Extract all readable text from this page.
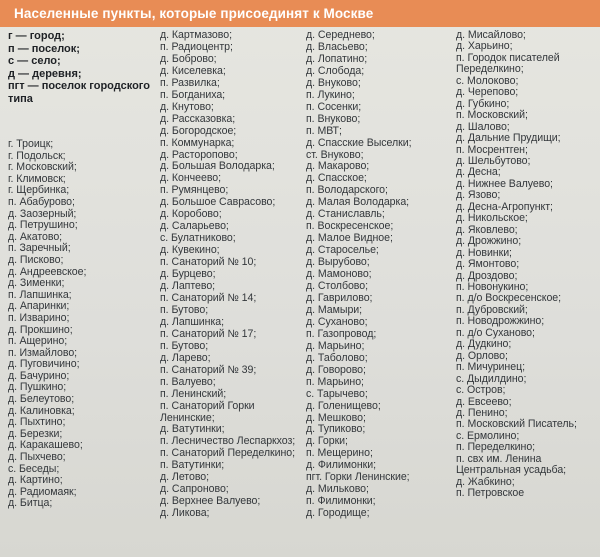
Населенные пункты, которые присоединят к Москве
г — город;
п — поселок;
с — село;
д — деревня;
пгт — поселок городского
типа
г. Троицк;
г. Подольск;
г. Московский;
г. Климовск;
г. Щербинка;
п. Абабурово;
д. Заозерный;
д. Петрушино;
д. Акатово;
п. Заречный;
д. Писково;
д. Андреевское;
д. Зименки;
п. Лапшинка;
д. Апаринки;
п. Изварино;
д. Прокшино;
п. Ащерино;
п. Измайлово;
д. Пуговичино;
д. Бачурино;
д. Пушкино;
д. Белеутово;
д. Калиновка;
д. Пыхтино;
д. Березки;
д. Каракашево;
д. Пыхчево;
с. Беседы;
д. Картино;
д. Радиомаяк;
д. Битца;
д. Картмазово;
п. Радиоцентр;
д. Боброво;
д. Киселевка;
п. Развилка;
п. Богданиха;
д. Кнутово;
д. Рассказовка;
д. Богородское;
п. Коммунарка;
д. Расторопово;
д. Большая Володарка;
д. Кончеево;
п. Румянцево;
д. Большое Саврасово;
д. Коробово;
д. Саларьево;
с. Булатниково;
д. Кувекино;
п. Санаторий № 10;
д. Бурцево;
д. Лаптево;
п. Санаторий № 14;
п. Бутово;
д. Лапшинка;
п. Санаторий № 17;
п. Бутово;
д. Ларево;
п. Санаторий № 39;
п. Валуево;
п. Ленинский;
п. Санаторий Горки Ленинские;
д. Ватутинки;
п. Лесничество Леспаркхоз;
п. Санаторий Переделкино;
п. Ватутинки;
д. Летово;
д. Сапроново;
д. Верхнее Валуево;
д. Ликова;
д. Середнево;
д. Власьево;
д. Лопатино;
д. Слобода;
д. Внуково;
п. Лукино;
п. Сосенки;
п. Внуково;
п. МВТ;
д. Спасские Выселки;
ст. Внуково;
д. Макарово;
д. Спасское;
п. Володарского;
д. Малая Володарка;
д. Станиславль;
п. Воскресенское;
д. Малое Видное;
д. Староселье;
д. Вырубово;
д. Мамоново;
д. Столбово;
д. Гаврилово;
д. Мамыри;
д. Суханово;
п. Газопровод;
д. Марьино;
д. Таболово;
д. Говорово;
п. Марьино;
с. Тарычево;
д. Голенищево;
д. Мешково;
д. Тупиково;
д. Горки;
п. Мещерино;
д. Филимонки;
пгт. Горки Ленинские;
д. Мильково;
п. Филимонки;
д. Городище;
д. Мисайлово;
д. Харьино;
п. Городок писателей Переделкино;
с. Молоково;
д. Черепово;
д. Губкино;
п. Московский;
д. Шалово;
д. Дальние Прудищи;
п. Мосрентген;
д. Шельбутово;
д. Десна;
д. Нижнее Валуево;
д. Язово;
д. Десна-Агропункт;
д. Никольское;
д. Яковлево;
д. Дрожжино;
д. Новинки;
д. Ямонтово;
д. Дроздово;
п. Новонукино;
п. д/о Воскресенское;
п. Дубровский;
п. Новодрожжино;
п. д/о Суханово;
д. Дудкино;
д. Орлово;
п. Мичуринец;
с. Дыдилдино;
с. Остров;
д. Евсеево;
д. Пенино;
п. Московский Писатель;
с. Ермолино;
п. Переделкино;
п. свх им. Ленина Центральная усадьба;
д. Жабкино;
п. Петровское
